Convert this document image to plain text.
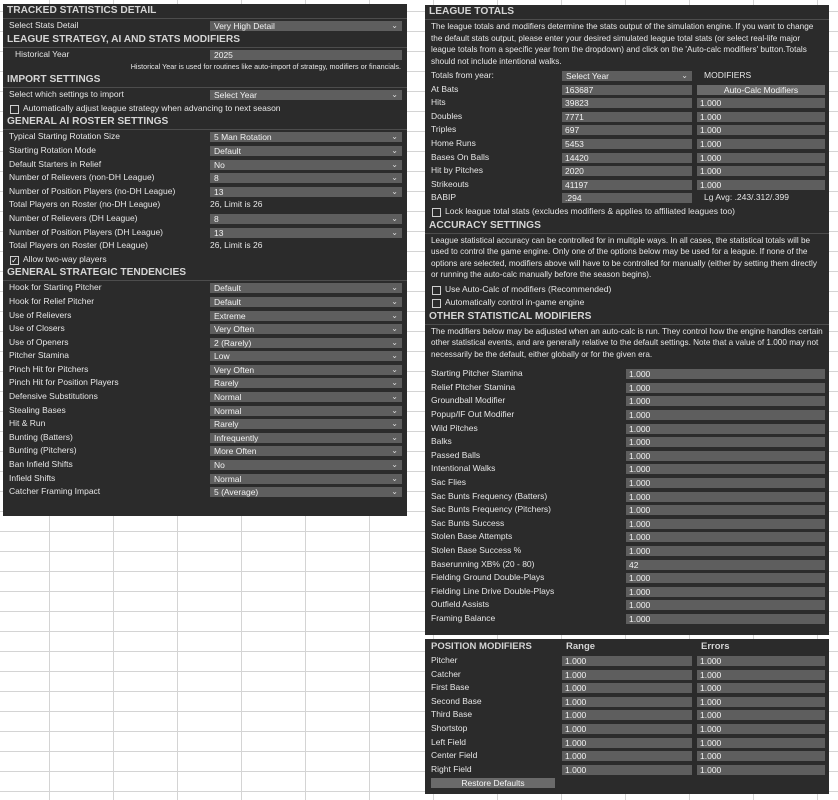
TRACKED STATISTICS DETAIL
Select Stats Detail	Very High Detail	⌄
LEAGUE STRATEGY, AI AND STATS MODIFIERS
Historical Year	2025
Historical Year is used for routines like auto-import of strategy, modifiers or financials.
IMPORT SETTINGS
Select which settings to import	Select Year	⌄
Automatically adjust league strategy when advancing to next season
GENERAL AI ROSTER SETTINGS
Typical Starting Rotation Size	5 Man Rotation	⌄
Starting Rotation Mode	Default	⌄
Default Starters in Relief	No	⌄
Number of Relievers (non-DH League)	8	⌄
Number of Position Players (no-DH League)	13	⌄
Total Players on Roster (no-DH League)	26, Limit is 26
Number of Relievers (DH League)	8	⌄
Number of Position Players (DH League)	13	⌄
Total Players on Roster (DH League)	26, Limit is 26
✓ Allow two-way players
GENERAL STRATEGIC TENDENCIES
Hook for Starting Pitcher	Default	⌄
Hook for Relief Pitcher	Default	⌄
Use of Relievers	Extreme	⌄
Use of Closers	Very Often	⌄
Use of Openers	2 (Rarely)	⌄
Pitcher Stamina	Low	⌄
Pinch Hit for Pitchers	Very Often	⌄
Pinch Hit for Position Players	Rarely	⌄
Defensive Substitutions	Normal	⌄
Stealing Bases	Normal	⌄
Hit & Run	Rarely	⌄
Bunting (Batters)	Infrequently	⌄
Bunting (Pitchers)	More Often	⌄
Ban Infield Shifts	No	⌄
Infield Shifts	Normal	⌄
Catcher Framing Impact	5 (Average)	⌄
LEAGUE TOTALS
The league totals and modifiers determine the stats output of the simulation engine. If you want to change the default stats output, please enter your desired simulated league total stats (or select real-life major league totals from a specific year from the dropdown) and click on the 'Auto-calc modifiers' button.Totals should not include intentional walks.
Totals from year:	Select Year	⌄ MODIFIERS
At Bats	163687	Auto-Calc Modifiers
Hits	39823	1.000
Doubles	7771	1.000
Triples	697	1.000
Home Runs	5453	1.000
Bases On Balls	14420	1.000
Hit by Pitches	2020	1.000
Strikeouts	41197	1.000
BABIP	.294	Lg Avg: .243/.312/.399
Lock league total stats (excludes modifiers & applies to affiliated leagues too)
ACCURACY SETTINGS
League statistical accuracy can be controlled for in multiple ways. In all cases, the statistical totals will be used to control the game engine. Only one of the options below may be used for a league. If none of the options are selected, modifiers above will have to be controlled for manually (either by setting them directly or running the auto-calc manually before the season begins).
Use Auto-Calc of modifiers (Recommended)
Automatically control in-game engine
OTHER STATISTICAL MODIFIERS
The modifiers below may be adjusted when an auto-calc is run. They control how the engine handles certain other statistical events, and are generally relative to the default settings. Note that a value of 1.000 may not necessarily be the default, either globally or for the given era.
Starting Pitcher Stamina	1.000
Relief Pitcher Stamina	1.000
Groundball Modifier	1.000
Popup/IF Out Modifier	1.000
Wild Pitches	1.000
Balks	1.000
Passed Balls	1.000
Intentional Walks	1.000
Sac Flies	1.000
Sac Bunts Frequency (Batters)	1.000
Sac Bunts Frequency (Pitchers)	1.000
Sac Bunts Success	1.000
Stolen Base Attempts	1.000
Stolen Base Success %	1.000
Baserunning XB% (20 - 80)	42
Fielding Ground Double-Plays	1.000
Fielding Line Drive Double-Plays	1.000
Outfield Assists	1.000
Framing Balance	1.000
POSITION MODIFIERS	Range	Errors
Pitcher	1.000	1.000
Catcher	1.000	1.000
First Base	1.000	1.000
Second Base	1.000	1.000
Third Base	1.000	1.000
Shortstop	1.000	1.000
Left Field	1.000	1.000
Center Field	1.000	1.000
Right Field	1.000	1.000
Restore Defaults
